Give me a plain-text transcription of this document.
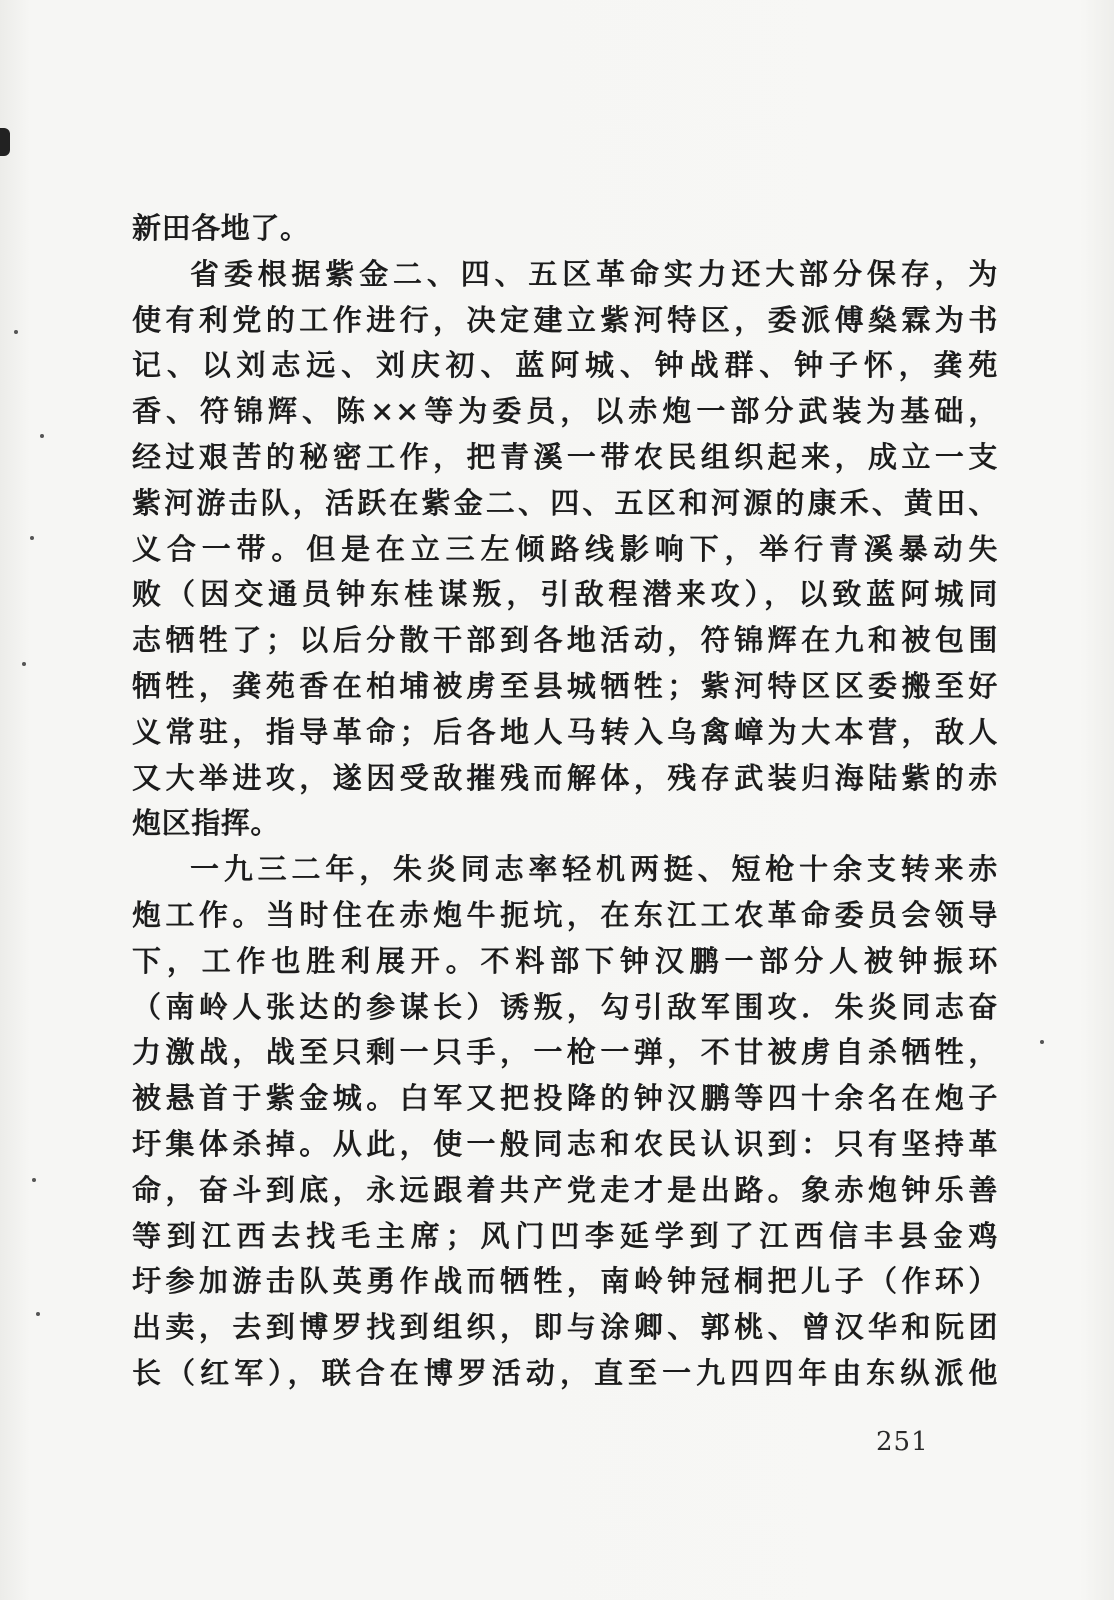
新田各地了。
省委根据紫金二、四、五区革命实力还大部分保存，为
使有利党的工作进行，决定建立紫河特区，委派傅燊霖为书
记、以刘志远、刘庆初、蓝阿城、钟战群、钟子怀，龚苑
香、符锦辉、陈××等为委员，以赤炮一部分武装为基础，
经过艰苦的秘密工作，把青溪一带农民组织起来，成立一支
紫河游击队，活跃在紫金二、四、五区和河源的康禾、黄田、
义合一带。但是在立三左倾路线影响下，举行青溪暴动失
败（因交通员钟东桂谋叛，引敌程潜来攻），以致蓝阿城同
志牺牲了；以后分散干部到各地活动，符锦辉在九和被包围
牺牲，龚苑香在柏埔被虏至县城牺牲；紫河特区区委搬至好
义常驻，指导革命；后各地人马转入乌禽嶂为大本营，敌人
又大举进攻，遂因受敌摧残而解体，残存武装归海陆紫的赤
炮区指挥。
一九三二年，朱炎同志率轻机两挺、短枪十余支转来赤
炮工作。当时住在赤炮牛扼坑，在东江工农革命委员会领导
下，工作也胜利展开。不料部下钟汉鹏一部分人被钟振环
（南岭人张达的参谋长）诱叛，勾引敌军围攻．朱炎同志奋
力激战，战至只剩一只手，一枪一弹，不甘被虏自杀牺牲，
被悬首于紫金城。白军又把投降的钟汉鹏等四十余名在炮子
圩集体杀掉。从此，使一般同志和农民认识到：只有坚持革
命，奋斗到底，永远跟着共产党走才是出路。象赤炮钟乐善
等到江西去找毛主席；风门凹李延学到了江西信丰县金鸡
圩参加游击队英勇作战而牺牲，南岭钟冠桐把儿子（作环）
出卖，去到博罗找到组织，即与涂卿、郭桃、曾汉华和阮团
长（红军），联合在博罗活动，直至一九四四年由东纵派他
251
